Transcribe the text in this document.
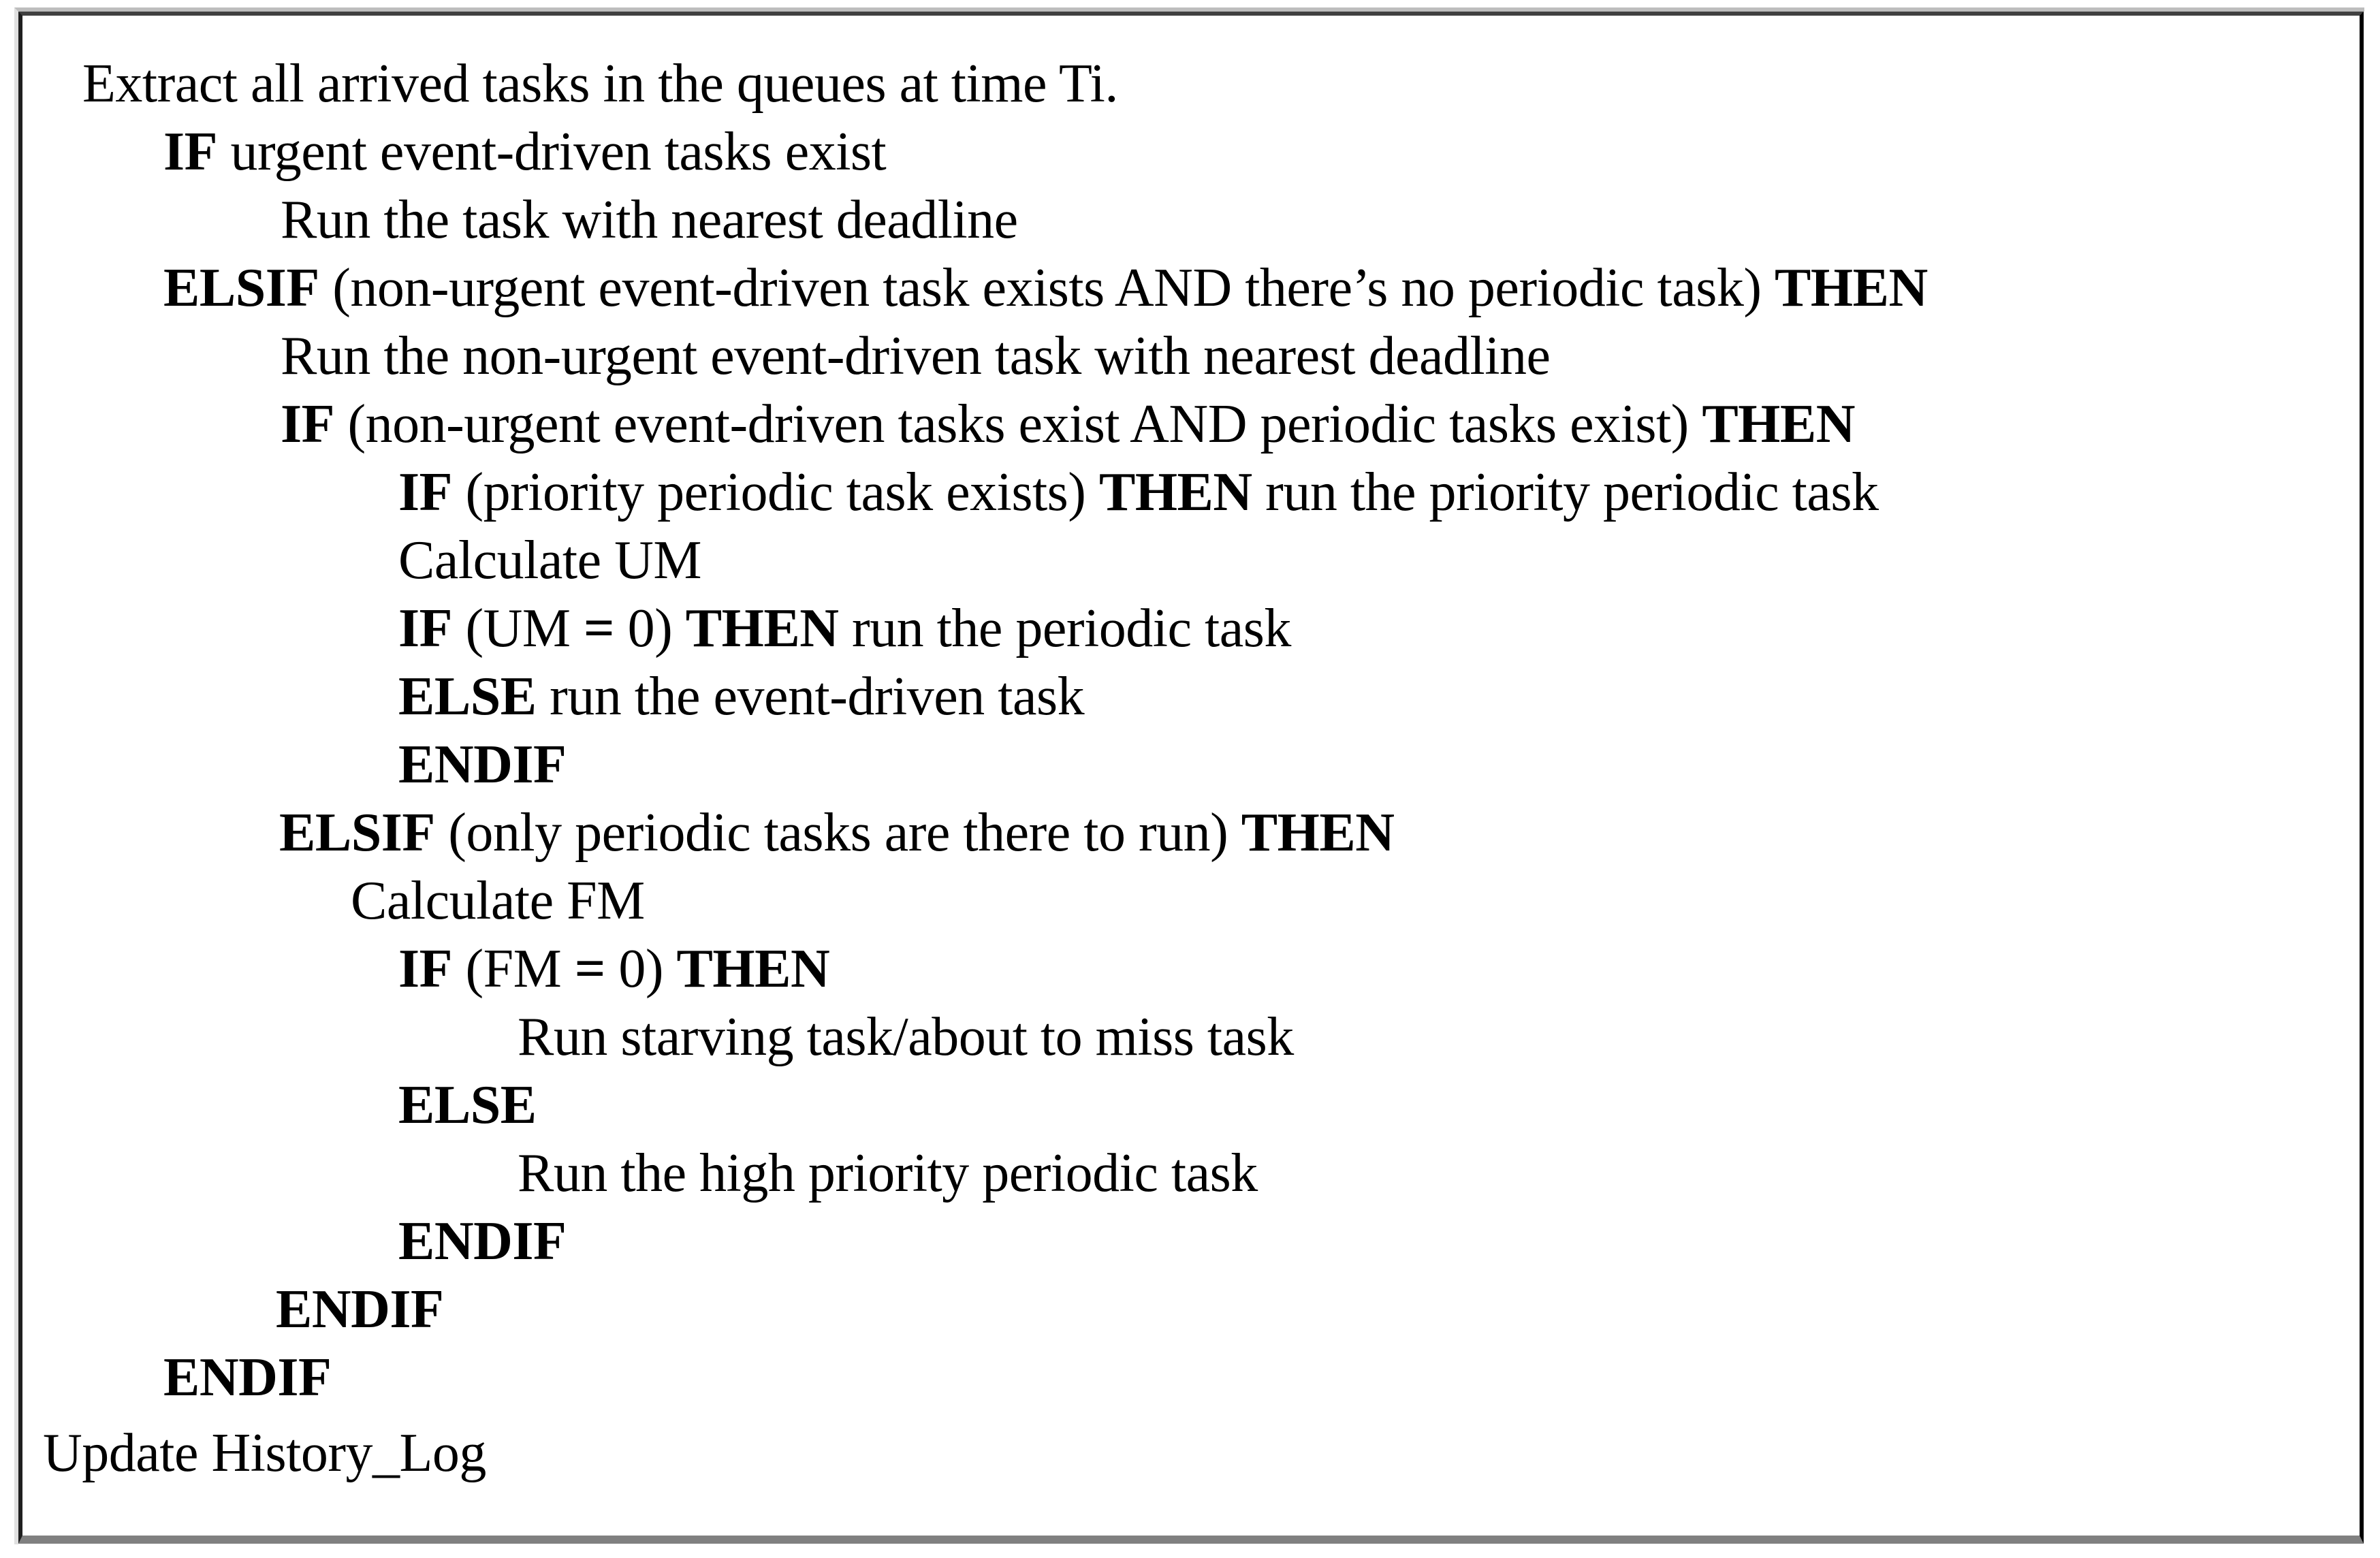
Extract all arrived tasks in the queues at time Ti.
IF urgent event-driven tasks exist
Run the task with nearest deadline
ELSIF (non-urgent event-driven task exists AND there’s no periodic task) THEN
Run the non-urgent event-driven task with nearest deadline
IF (non-urgent event-driven tasks exist AND periodic tasks exist) THEN
IF (priority periodic task exists) THEN run the priority periodic task
Calculate UM
IF (UM = 0) THEN run the periodic task
ELSE run the event-driven task
ENDIF
ELSIF (only periodic tasks are there to run) THEN
Calculate FM
IF (FM = 0) THEN
Run starving task/about to miss task
ELSE
Run the high priority periodic task
ENDIF
ENDIF
ENDIF
Update History_Log
